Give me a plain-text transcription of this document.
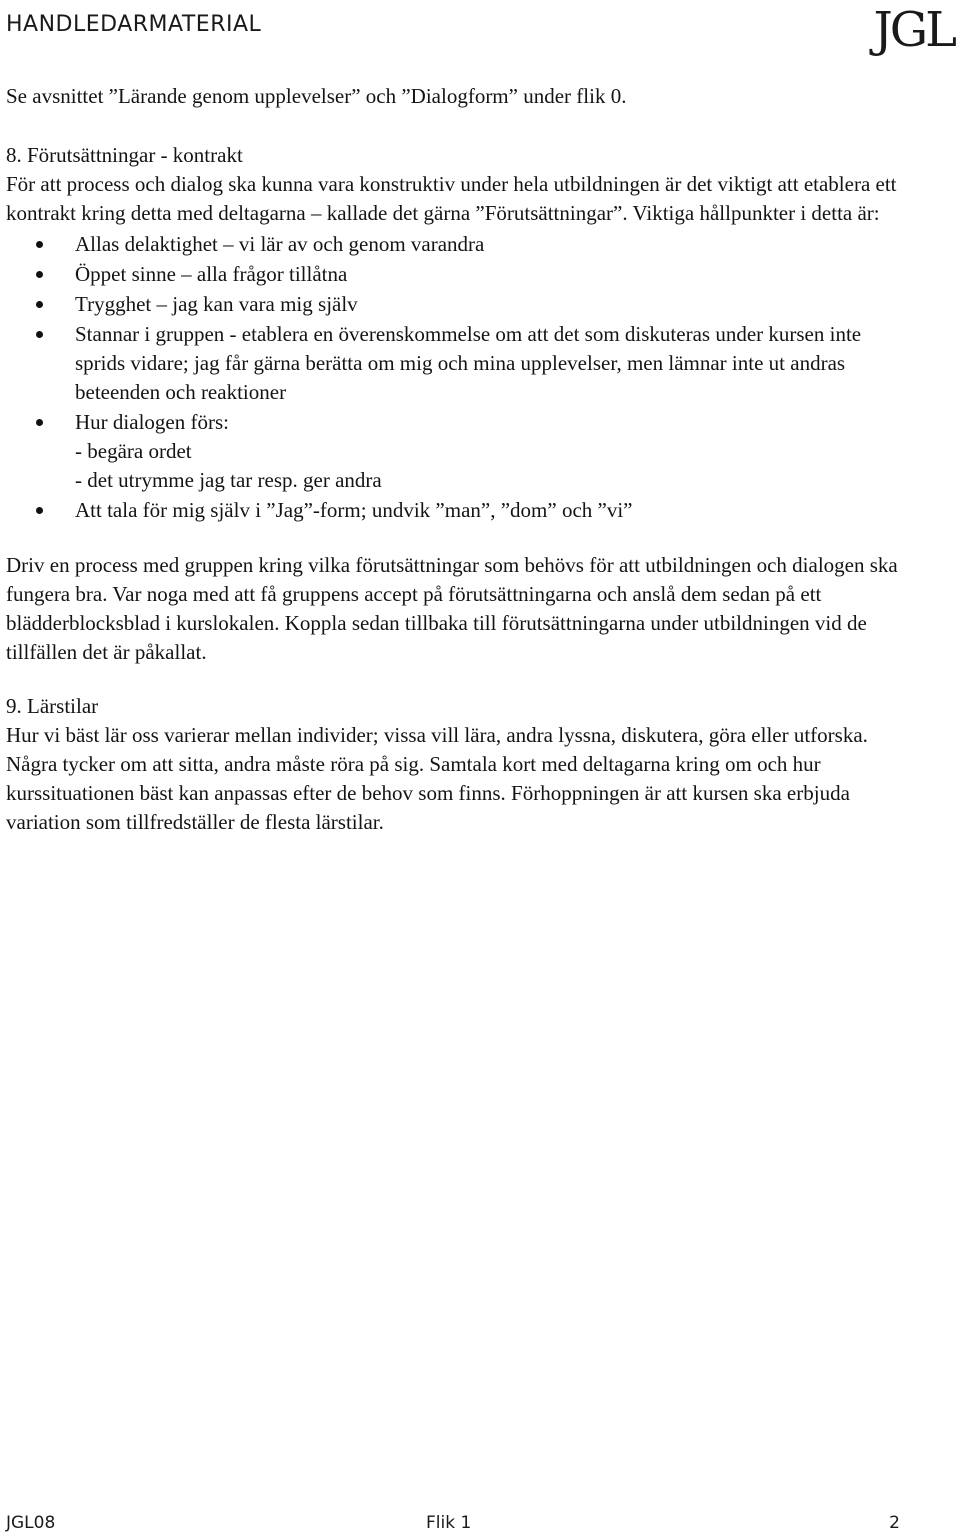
HANDLEDARMATERIAL	JGL

Se avsnittet ”Lärande genom upplevelser” och ”Dialogform” under flik 0.

8. Förutsättningar - kontrakt

För att process och dialog ska kunna vara konstruktiv under hela utbildningen är det viktigt att etablera ett kontrakt kring detta med deltagarna – kallade det gärna ”Förutsättningar”. Viktiga hållpunkter i detta är:

Allas delaktighet – vi lär av och genom varandra
Öppet sinne – alla frågor tillåtna
Trygghet – jag kan vara mig själv
Stannar i gruppen - etablera en överenskommelse om att det som diskuteras under kursen inte sprids vidare; jag får gärna berätta om mig och mina upplevelser, men lämnar inte ut andras beteenden och reaktioner
Hur dialogen förs:
- begära ordet
- det utrymme jag tar resp. ger andra
Att tala för mig själv i ”Jag”-form; undvik ”man”, ”dom” och ”vi”

Driv en process med gruppen kring vilka förutsättningar som behövs för att utbildningen och dialogen ska fungera bra. Var noga med att få gruppens accept på förutsättningarna och anslå dem sedan på ett blädderblocksblad i kurslokalen. Koppla sedan tillbaka till förutsättningarna under utbildningen vid de tillfällen det är påkallat.

9. Lärstilar

Hur vi bäst lär oss varierar mellan individer; vissa vill lära, andra lyssna, diskutera, göra eller utforska. Några tycker om att sitta, andra måste röra på sig. Samtala kort med deltagarna kring om och hur kurssituationen bäst kan anpassas efter de behov som finns. Förhoppningen är att kursen ska erbjuda variation som tillfredställer de flesta lärstilar.

JGL08	Flik 1	2
